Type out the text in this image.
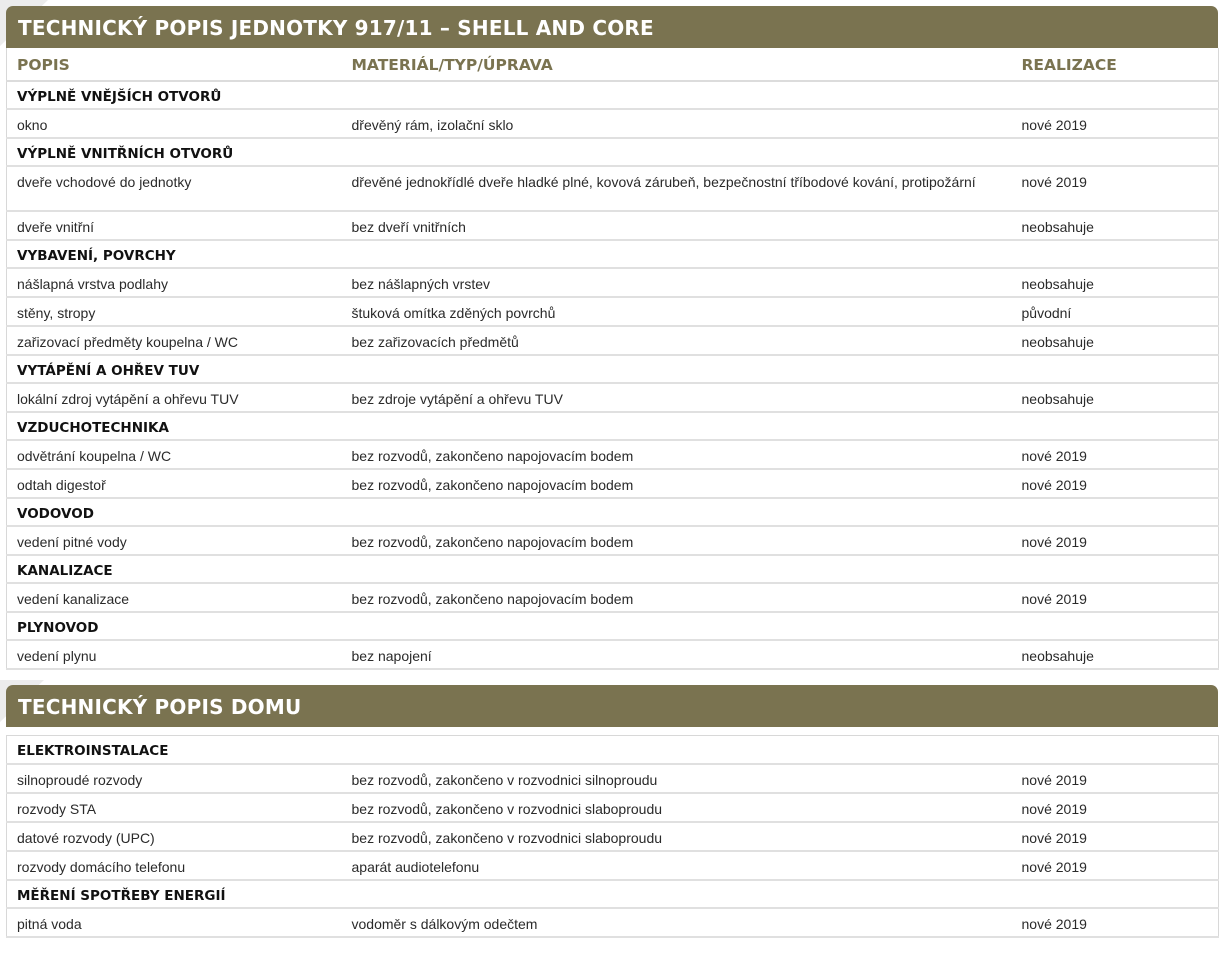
TECHNICKÝ POPIS JEDNOTKY 917/11 – SHELL AND CORE
POPIS	MATERIÁL/TYP/ÚPRAVA	REALIZACE
VÝPLNĚ VNĚJŠÍCH OTVORŮ		
okno	dřevěný rám, izolační sklo	nové 2019
VÝPLNĚ VNITŘNÍCH OTVORŮ		
dveře vchodové do jednotky	dřevěné jednokřídlé dveře hladké plné, kovová zárubeň, bezpečnostní tříbodové kování, protipožární	nové 2019
dveře vnitřní	bez dveří vnitřních	neobsahuje
VYBAVENÍ, POVRCHY		
nášlapná vrstva podlahy	bez nášlapných vrstev	neobsahuje
stěny, stropy	štuková omítka zděných povrchů	původní
zařizovací předměty koupelna / WC	bez zařizovacích předmětů	neobsahuje
VYTÁPĚNÍ A OHŘEV TUV		
lokální zdroj vytápění a ohřevu TUV	bez zdroje vytápění a ohřevu TUV	neobsahuje
VZDUCHOTECHNIKA		
odvětrání koupelna / WC	bez rozvodů, zakončeno napojovacím bodem	nové 2019
odtah digestoř	bez rozvodů, zakončeno napojovacím bodem	nové 2019
VODOVOD		
vedení pitné vody	bez rozvodů, zakončeno napojovacím bodem	nové 2019
KANALIZACE		
vedení kanalizace	bez rozvodů, zakončeno napojovacím bodem	nové 2019
PLYNOVOD		
vedení plynu	bez napojení	neobsahuje
TECHNICKÝ POPIS DOMU
ELEKTROINSTALACE		
silnoproudé rozvody	bez rozvodů, zakončeno v rozvodnici silnoproudu	nové 2019
rozvody STA	bez rozvodů, zakončeno v rozvodnici slaboproudu	nové 2019
datové rozvody (UPC)	bez rozvodů, zakončeno v rozvodnici slaboproudu	nové 2019
rozvody domácího telefonu	aparát audiotelefonu	nové 2019
MĚŘENÍ SPOTŘEBY ENERGIÍ		
pitná voda	vodoměr s dálkovým odečtem	nové 2019
